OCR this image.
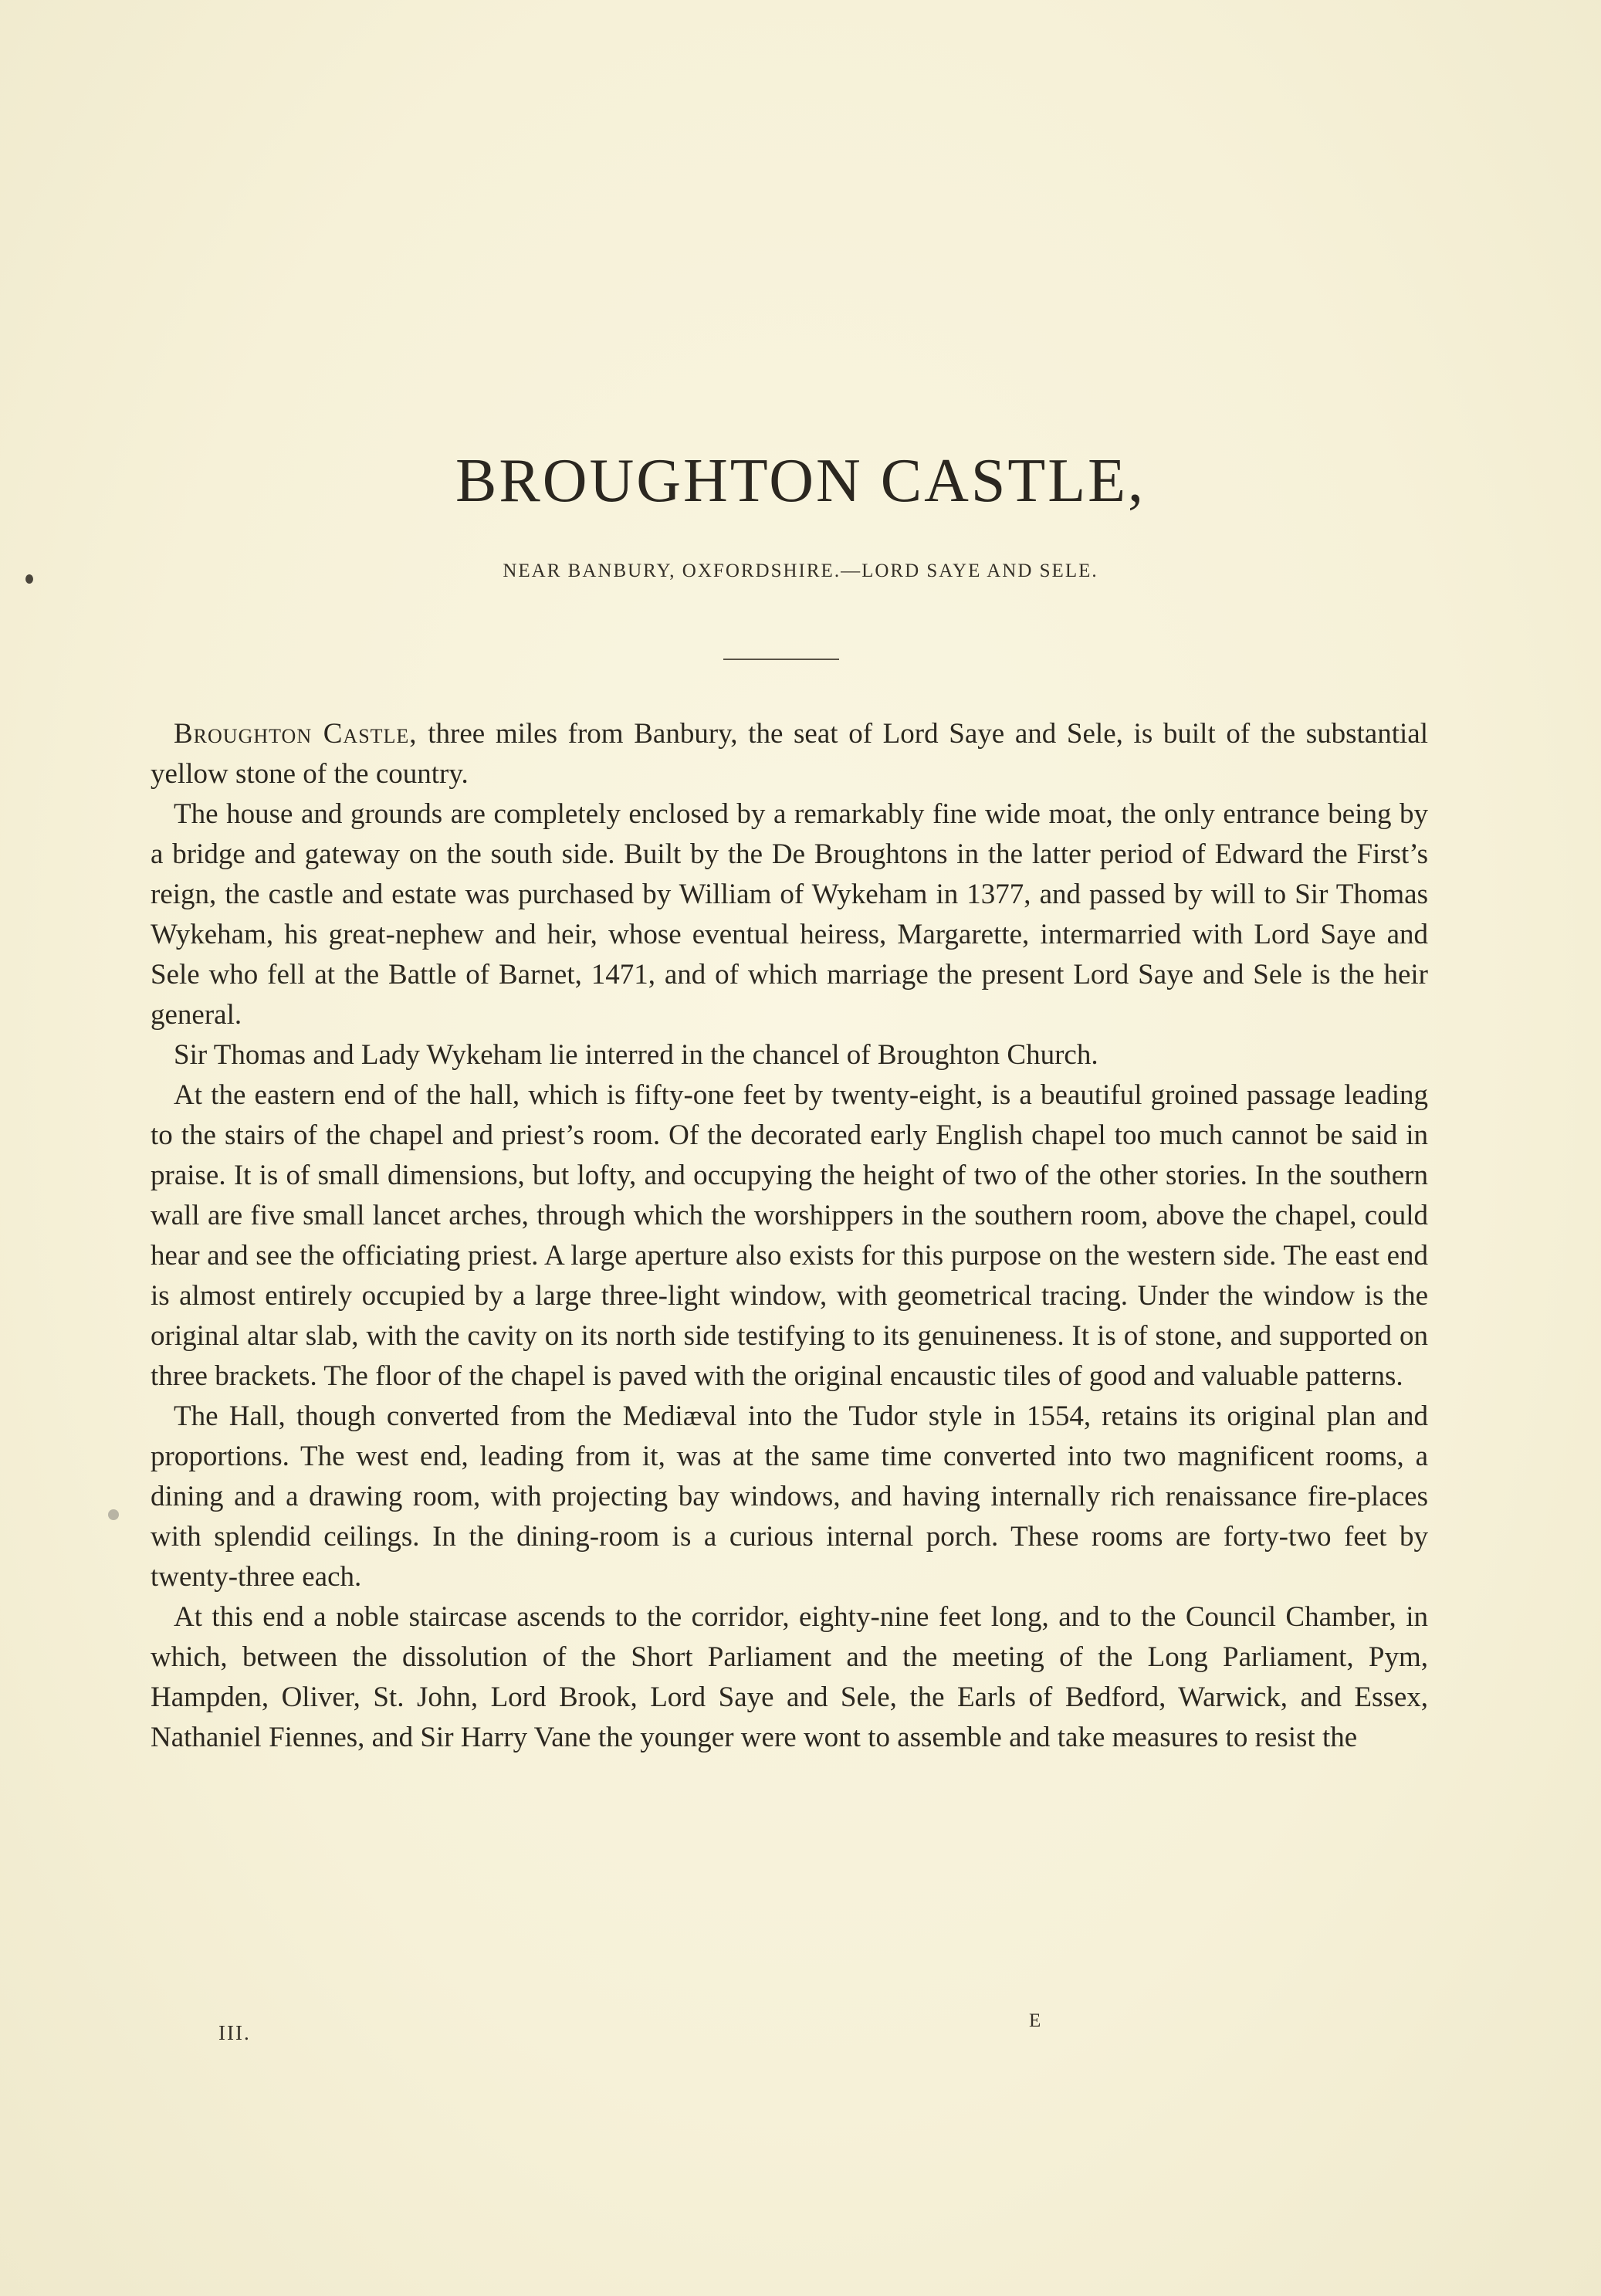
BROUGHTON CASTLE,
NEAR BANBURY, OXFORDSHIRE.—LORD SAYE AND SELE.

Broughton Castle, three miles from Banbury, the seat of Lord Saye and Sele, is built of the substantial yellow stone of the country.

The house and grounds are completely enclosed by a remarkably fine wide moat, the only entrance being by a bridge and gateway on the south side. Built by the De Broughtons in the latter period of Edward the First’s reign, the castle and estate was purchased by William of Wykeham in 1377, and passed by will to Sir Thomas Wykeham, his great-nephew and heir, whose eventual heiress, Margarette, intermarried with Lord Saye and Sele who fell at the Battle of Barnet, 1471, and of which marriage the present Lord Saye and Sele is the heir general.

Sir Thomas and Lady Wykeham lie interred in the chancel of Broughton Church.

At the eastern end of the hall, which is fifty-one feet by twenty-eight, is a beautiful groined passage leading to the stairs of the chapel and priest’s room. Of the decorated early English chapel too much cannot be said in praise. It is of small dimensions, but lofty, and occupying the height of two of the other stories. In the southern wall are five small lancet arches, through which the worshippers in the southern room, above the chapel, could hear and see the officiating priest. A large aperture also exists for this purpose on the western side. The east end is almost entirely occupied by a large three-light window, with geometrical tracing. Under the window is the original altar slab, with the cavity on its north side testifying to its genuineness. It is of stone, and supported on three brackets. The floor of the chapel is paved with the original encaustic tiles of good and valuable patterns.

The Hall, though converted from the Mediæval into the Tudor style in 1554, retains its original plan and proportions. The west end, leading from it, was at the same time converted into two magnificent rooms, a dining and a drawing room, with projecting bay windows, and having internally rich renaissance fire-places with splendid ceilings. In the dining-room is a curious internal porch. These rooms are forty-two feet by twenty-three each.

At this end a noble staircase ascends to the corridor, eighty-nine feet long, and to the Council Chamber, in which, between the dissolution of the Short Parliament and the meeting of the Long Parliament, Pym, Hampden, Oliver, St. John, Lord Brook, Lord Saye and Sele, the Earls of Bedford, Warwick, and Essex, Nathaniel Fiennes, and Sir Harry Vane the younger were wont to assemble and take measures to resist the

III.
E
